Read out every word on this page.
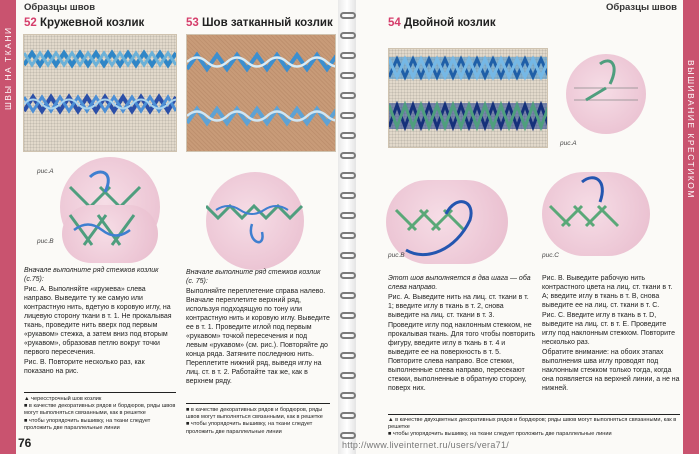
ШВЫ НА ТКАНИ
Образцы швов
52 Кружевной козлик
рис.А
рис.В

Вначале выполните ряд стежков козлик (с.75):

Рис. А. Выполняйте «кружева» слева направо. Выведите ту же самую или контрастную нить, вдетую в коровую иглу, на лицевую сторону ткани в т. 1. Не прокалывая ткань, проведите нить вверх под первым «рукавом» стежка, а затем вниз под вторым «рукавом», образовав петлю вокруг точки первого пересечения.

Рис. В. Повторите несколько раз, как показано на рис.

▲ чересстрочный шов козлик
■ в качестве декоративных рядов и бордюров, ряды швов могут выполняться связанными, как в решетке
■ чтобы упорядочить вышивку, на ткани следует проложить две параллельные линии
76
53 Шов затканный козлик

Вначале выполните ряд стежков козлик (с. 75):

Выполняйте переплетение справа налево. Вначале переплетите верхний ряд, используя подходящую по тону или контрастную нить и коровую иглу. Выведите ее в т. 1. Проведите иглой под первым «рукавом» точкой пересечения и под левым «рукавом» (см. рис.). Повторяйте до конца ряда. Затяните последнюю нить. Переплетите нижний ряд, выведя иглу на лиц. ст. в т. 2. Работайте так же, как в верхнем ряду.

■ в качестве декоративных рядов и бордюров, ряды швов могут выполняться связанными, как в решетке
■ чтобы упорядочить вышивку, на ткани следует проложить две параллельные линии
Образцы швов
ВЫШИВАНИЕ КРЕСТИКОМ
54 Двойной козлик
рис.А
рис.В	рис.С

Этот шов выполняется в два шага — оба слева направо.

Рис. А. Выведите нить на лиц. ст. ткани в т. 1; введите иглу в ткань в т. 2, снова выведите на лиц. ст. ткани в т. 3.

Проведите иглу под наклонным стежком, не прокалывая ткань. Для того чтобы повторить фигуру, введите иглу в ткань в т. 4 и выведите ее на поверхность в т. 5. Повторите слева направо. Все стежки, выполненные слева направо, пересекают стежки, выполненные в обратную сторону, поверх них.

Рис. В. Выведите рабочую нить контрастного цвета на лиц. ст. ткани в т. А; введите иглу в ткань в т. В, снова выведите ее на лиц. ст. ткани в т. С.

Рис. С. Введите иглу в ткань в т. D, выведите на лиц. ст. в т. Е. Проведите иглу под наклонным стежком. Повторите несколько раз.

Обратите внимание: на обоих этапах выполнения шва иглу проводят под наклонным стежком только тогда, когда она появляется на верхней линии, а не на нижней.

▲ в качестве двухцветных декоративных рядов и бордюров; ряды швов могут выполняться связанными, как в решетке
■ чтобы упорядочить вышивку, на ткани следует проложить две параллельные линии
http://www.liveinternet.ru/users/vera71/
